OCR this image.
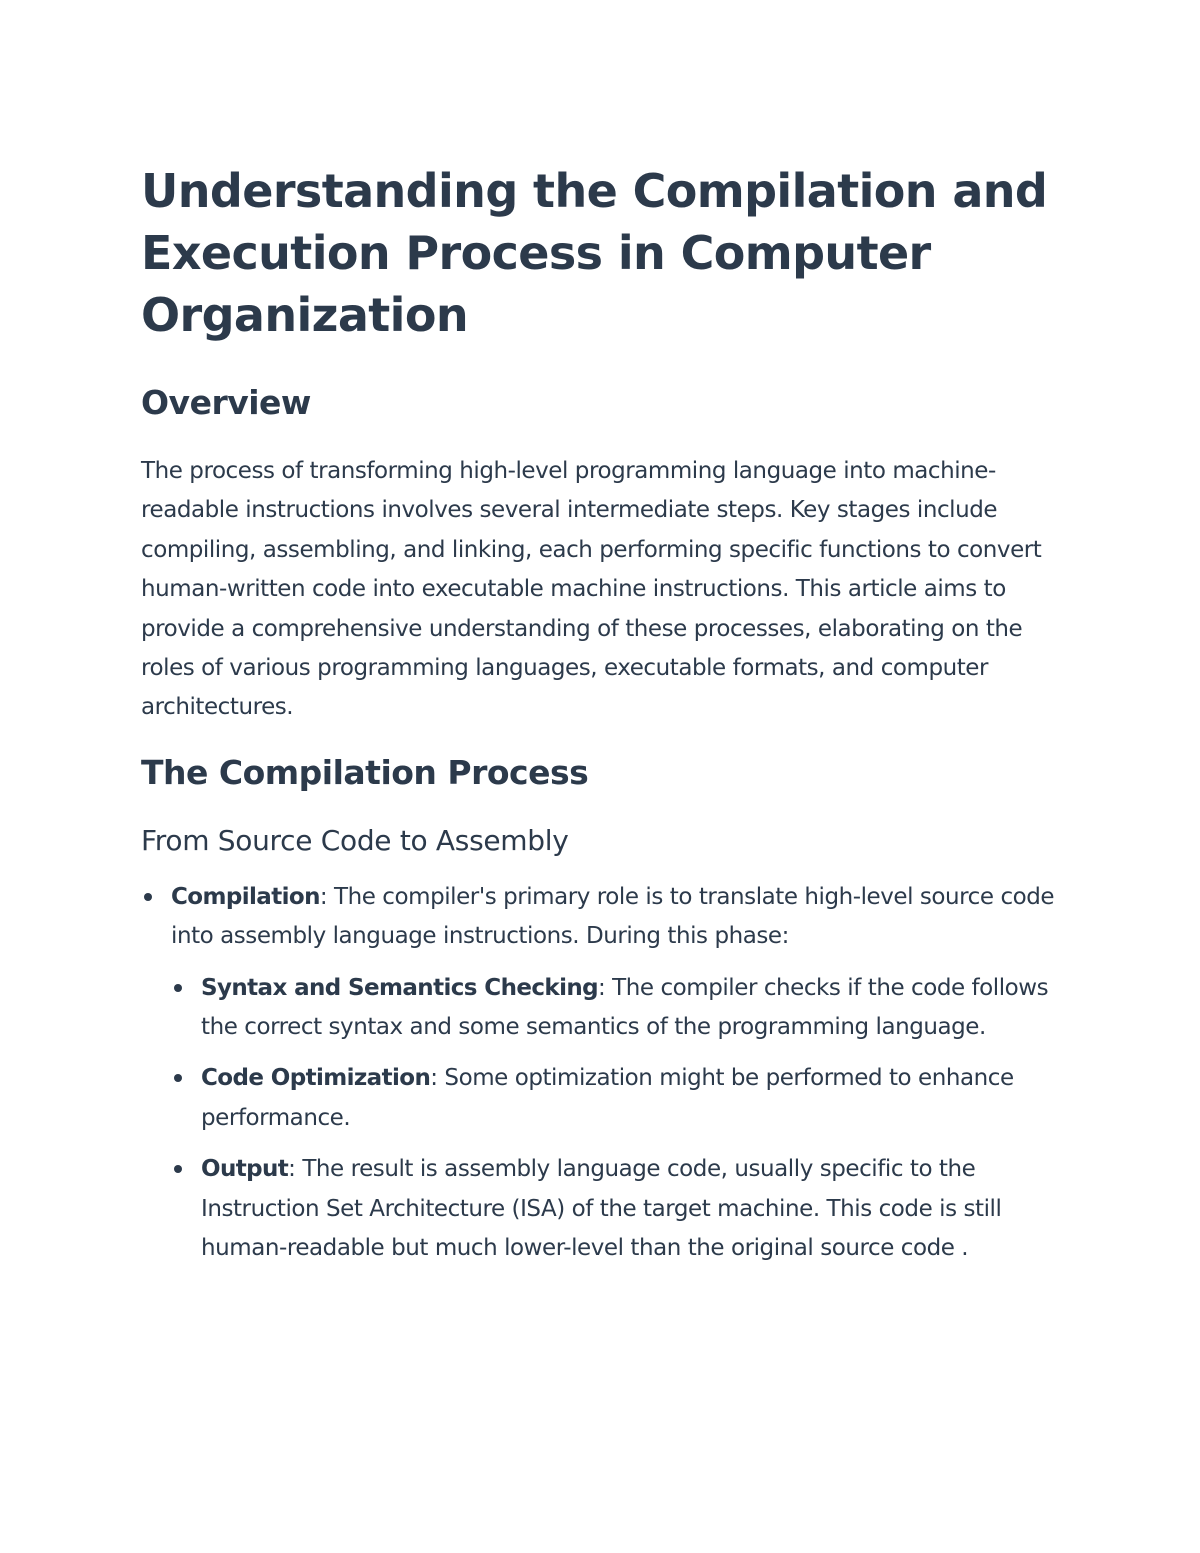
Understanding the Compilation and Execution Process in Computer Organization
Overview

The process of transforming high-level programming language into machine-readable instructions involves several intermediate steps. Key stages include compiling, assembling, and linking, each performing specific functions to convert human-written code into executable machine instructions. This article aims to provide a comprehensive understanding of these processes, elaborating on the roles of various programming languages, executable formats, and computer architectures.

The Compilation Process
From Source Code to Assembly
Compilation: The compiler's primary role is to translate high-level source code into assembly language instructions. During this phase:
Syntax and Semantics Checking: The compiler checks if the code follows the correct syntax and some semantics of the programming language.
Code Optimization: Some optimization might be performed to enhance performance.
Output: The result is assembly language code, usually specific to the Instruction Set Architecture (ISA) of the target machine. This code is still human-readable but much lower-level than the original source code .
